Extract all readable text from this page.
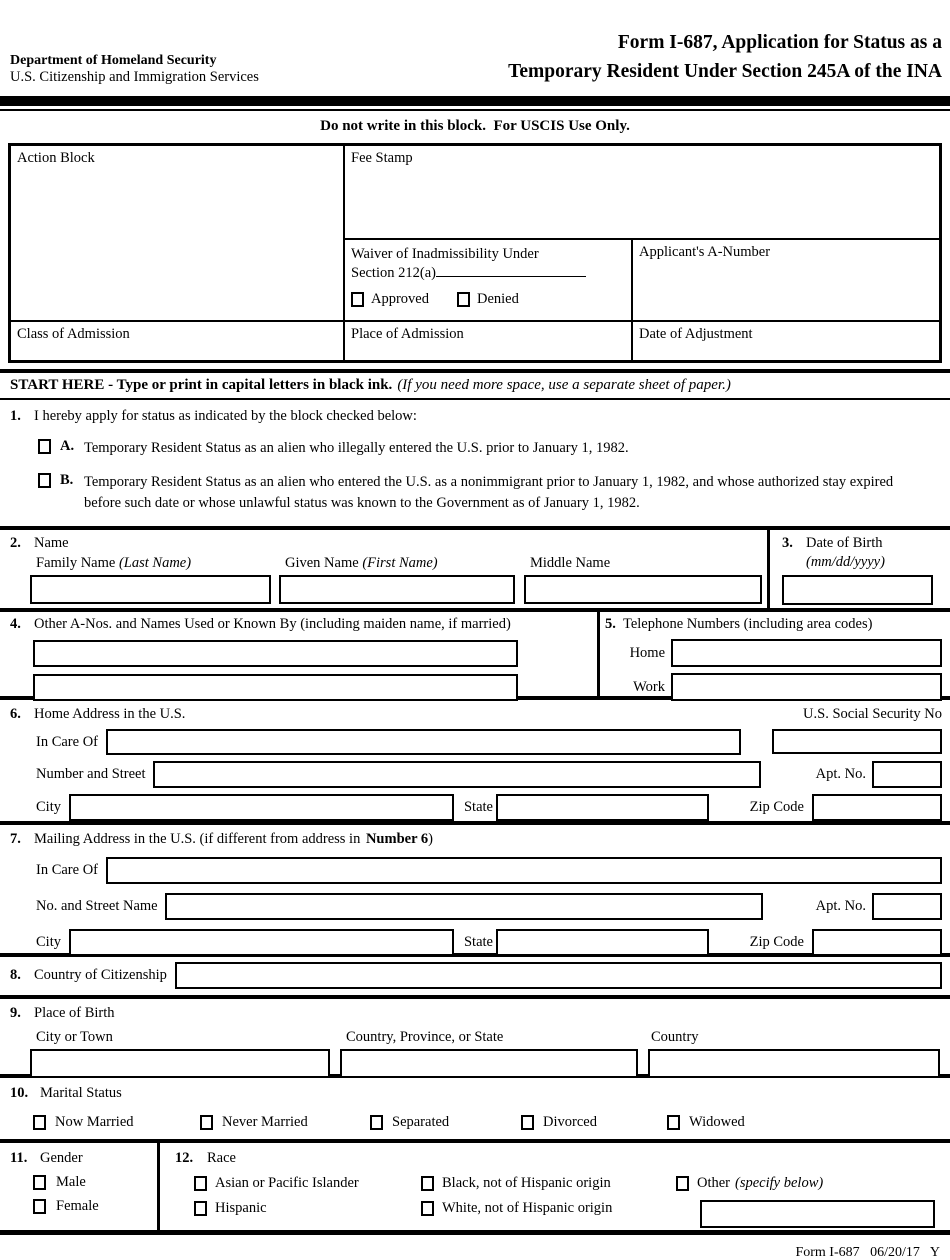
Department of Homeland Security
U.S. Citizenship and Immigration Services
Form I-687, Application for Status as a
Temporary Resident Under Section 245A of the INA
Do not write in this block.  For USCIS Use Only.
Action Block	Fee Stamp
Waiver of Inadmissibility Under
Section 212(a)
Approved	Denied
Applicant's A-Number
Class of Admission	Place of Admission	Date of Adjustment
START HERE - Type or print in capital letters in black ink. (If you need more space, use a separate sheet of paper.)
1. I hereby apply for status as indicated by the block checked below:
A. Temporary Resident Status as an alien who illegally entered the U.S. prior to January 1, 1982.
B. Temporary Resident Status as an alien who entered the U.S. as a nonimmigrant prior to January 1, 1982, and whose authorized stay expired before such date or whose unlawful status was known to the Government as of January 1, 1982.
2. Name
Family Name (Last Name)	Given Name (First Name)	Middle Name
3. Date of Birth
(mm/dd/yyyy)
4. Other A-Nos. and Names Used or Known By (including maiden name, if married)	5. Telephone Numbers (including area codes)
Home
Work
6. Home Address in the U.S.	U.S. Social Security No
In Care Of
Number and Street	Apt. No.
City	State	Zip Code
7. Mailing Address in the U.S. (if different from address in Number 6)
In Care Of
No. and Street Name	Apt. No.
City	State	Zip Code
8. Country of Citizenship
9. Place of Birth
City or Town	Country, Province, or State	Country
10. Marital Status
Now Married	Never Married	Separated	Divorced	Widowed
11. Gender
Male
Female
12. Race
Asian or Pacific Islander
Hispanic
Black, not of Hispanic origin
White, not of Hispanic origin
Other (specify below)
Form I-687   06/20/17   Y
